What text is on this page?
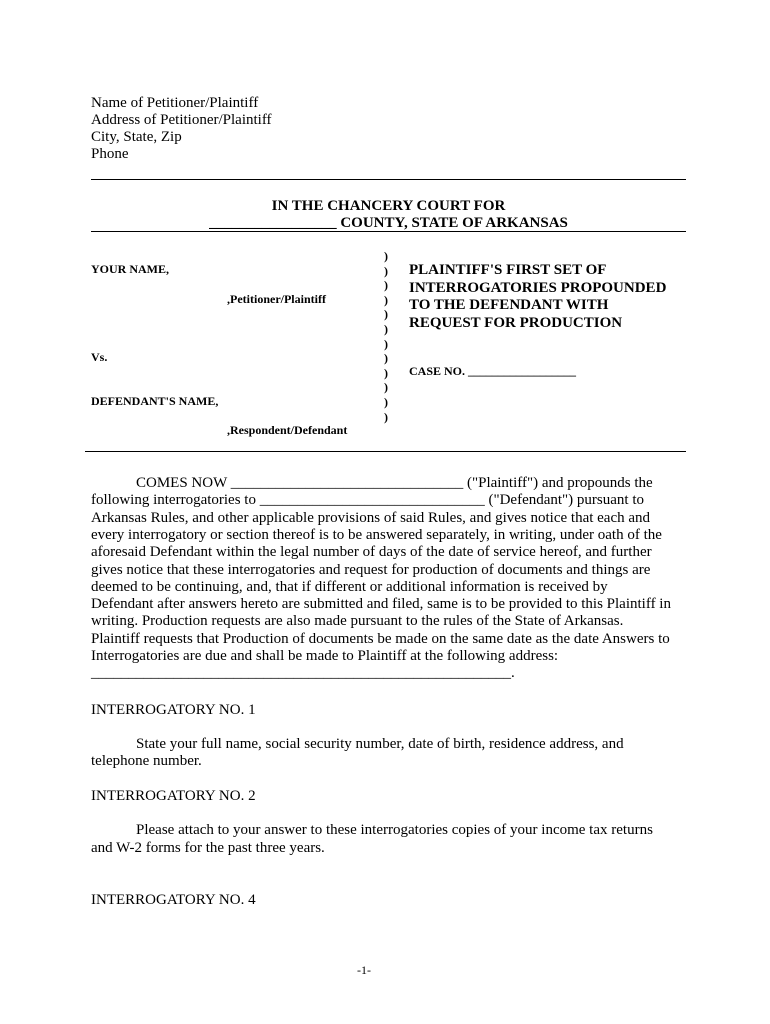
Name of Petitioner/Plaintiff
Address of Petitioner/Plaintiff
City, State, Zip
Phone
IN THE CHANCERY COURT FOR
_________________ COUNTY, STATE OF ARKANSAS
YOUR NAME,
,Petitioner/Plaintiff
Vs.
DEFENDANT'S NAME,
,Respondent/Defendant
)
)
)
)
)
)
)
)
)
)
)
)
PLAINTIFF'S FIRST SET OF
INTERROGATORIES PROPOUNDED
TO THE DEFENDANT WITH
REQUEST FOR PRODUCTION
CASE NO. __________________
COMES NOW _______________________________ ("Plaintiff") and propounds the
following interrogatories to ______________________________ ("Defendant") pursuant to
Arkansas Rules, and other applicable provisions of said Rules, and gives notice that each and
every interrogatory or section thereof is to be answered separately, in writing, under oath of the
aforesaid Defendant within the legal number of days of the date of service hereof, and further
gives notice that these interrogatories and request for production of documents and things are
deemed to be continuing, and, that if different or additional information is received by
Defendant after answers hereto are submitted and filed, same is to be provided to this Plaintiff in
writing. Production requests are also made pursuant to the rules of the State of Arkansas.
Plaintiff requests that Production of documents be made on the same date as the date Answers to
Interrogatories are due and shall be made to Plaintiff at the following address:
________________________________________________________.
INTERROGATORY NO. 1
State your full name, social security number, date of birth, residence address, and
telephone number.
INTERROGATORY NO. 2
Please attach to your answer to these interrogatories copies of your income tax returns
and W-2 forms for the past three years.
INTERROGATORY NO. 4
-1-
